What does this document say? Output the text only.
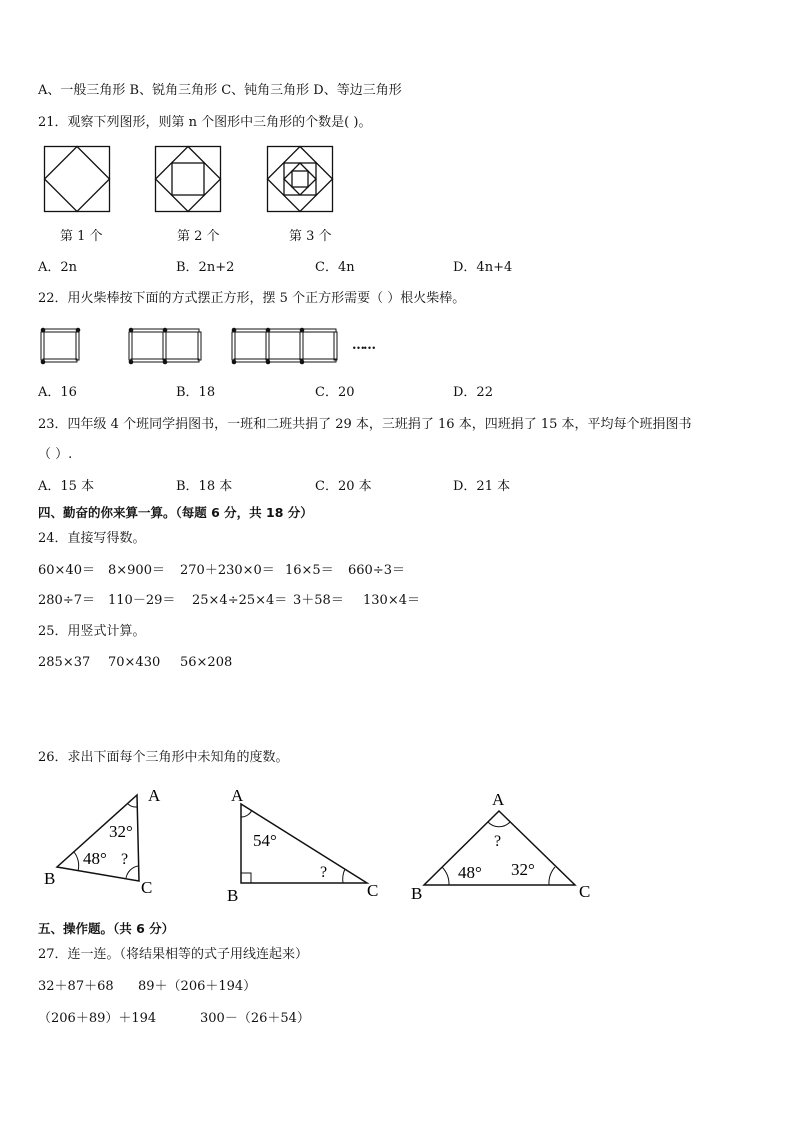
A、一般三角形 B、锐角三角形 C、钝角三角形 D、等边三角形
21．观察下列图形，则第 n 个图形中三角形的个数是( )。
第 1 个	第 2 个	第 3 个
A．2n	B．2n+2	C．4n	D．4n+4
22．用火柴棒按下面的方式摆正方形，摆 5 个正方形需要（ ）根火柴棒。
……
A．16	B．18	C．20	D．22
23．四年级 4 个班同学捐图书，一班和二班共捐了 29 本，三班捐了 16 本，四班捐了 15 本，平均每个班捐图书
（ ）.
A．15 本	B．18 本	C．20 本	D．21 本
四、勤奋的你来算一算。（每题 6 分，共 18 分）
24．直接写得数。
60×40＝ 8×900＝ 270＋230×0＝ 16×5＝ 660÷3＝
280÷7＝ 110－29＝ 25×4÷25×4＝ 3＋58＝ 130×4＝
25．用竖式计算。
285×37 70×430 56×208
26．求出下面每个三角形中未知角的度数。
A
B	C
32°
48° ?
A
B	C
54°
?
A
B	C
?
48° 32°
五、操作题。（共 6 分）
27．连一连。（将结果相等的式子用线连起来）
32＋87＋68 89＋（206＋194）
（206＋89）＋194	300－（26＋54）
